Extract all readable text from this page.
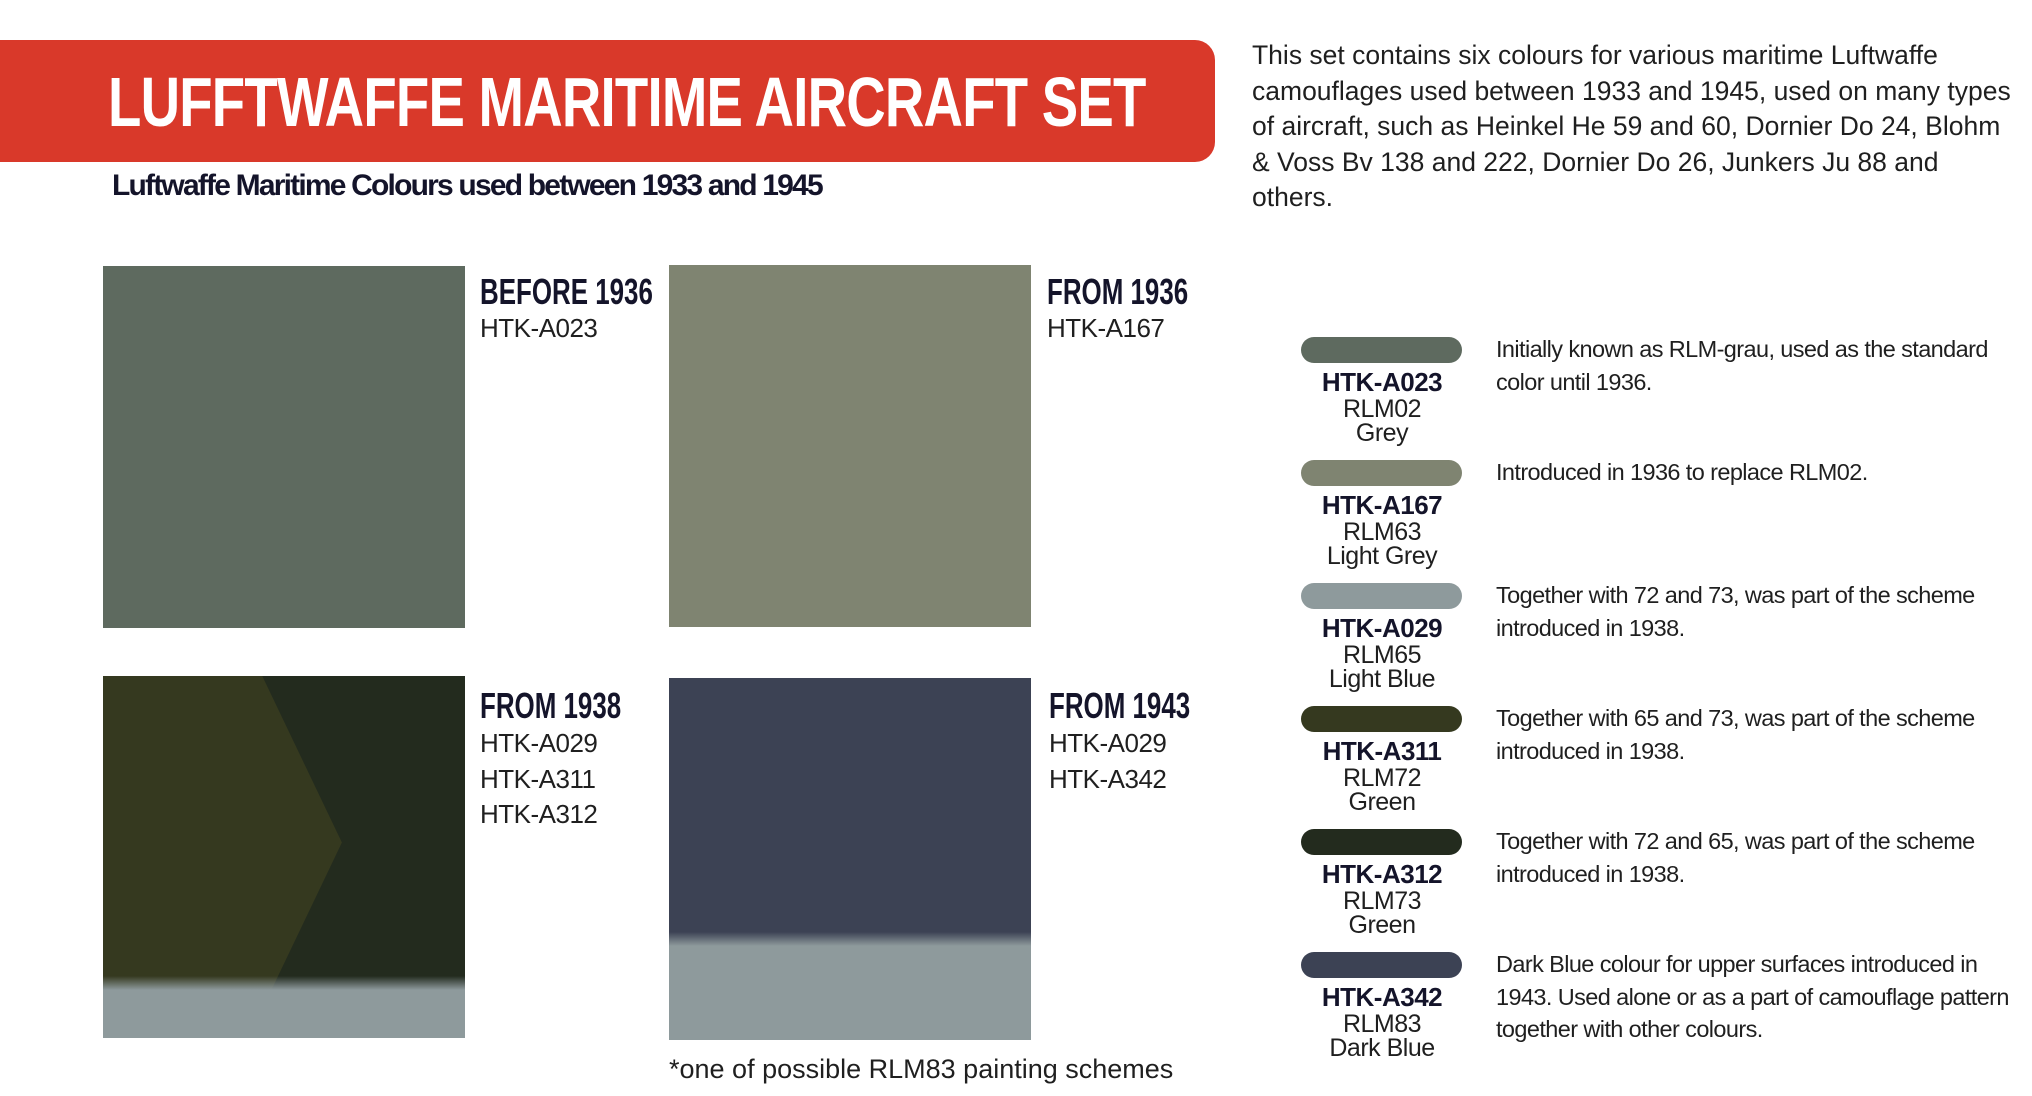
LUFFTWAFFE MARITIME AIRCRAFT SET
Luftwaffe Maritime Colours used between 1933 and 1945
This set contains six colours for various maritime Luftwaffe camouflages used between 1933 and 1945, used on many types of aircraft, such as Heinkel He 59 and 60, Dornier Do 24, Blohm & Voss Bv 138 and 222, Dornier Do 26, Junkers Ju 88 and others.
BEFORE 1936
HTK-A023
FROM 1936
HTK-A167
FROM 1938
HTK-A029
HTK-A311
HTK-A312
FROM 1943
HTK-A029
HTK-A342
*one of possible RLM83 painting schemes
HTK-A023
RLM02
Grey
Initially known as RLM-grau, used as the standard color until 1936.
HTK-A167
RLM63
Light Grey
Introduced in 1936 to replace RLM02.
HTK-A029
RLM65
Light Blue
Together with 72 and 73, was part of the scheme introduced in 1938.
HTK-A311
RLM72
Green
Together with 65 and 73, was part of the scheme introduced in 1938.
HTK-A312
RLM73
Green
Together with 72 and 65, was part of the scheme introduced in 1938.
HTK-A342
RLM83
Dark Blue
Dark Blue colour for upper surfaces introduced in 1943. Used alone or as a part of camouflage pattern together with other colours.
